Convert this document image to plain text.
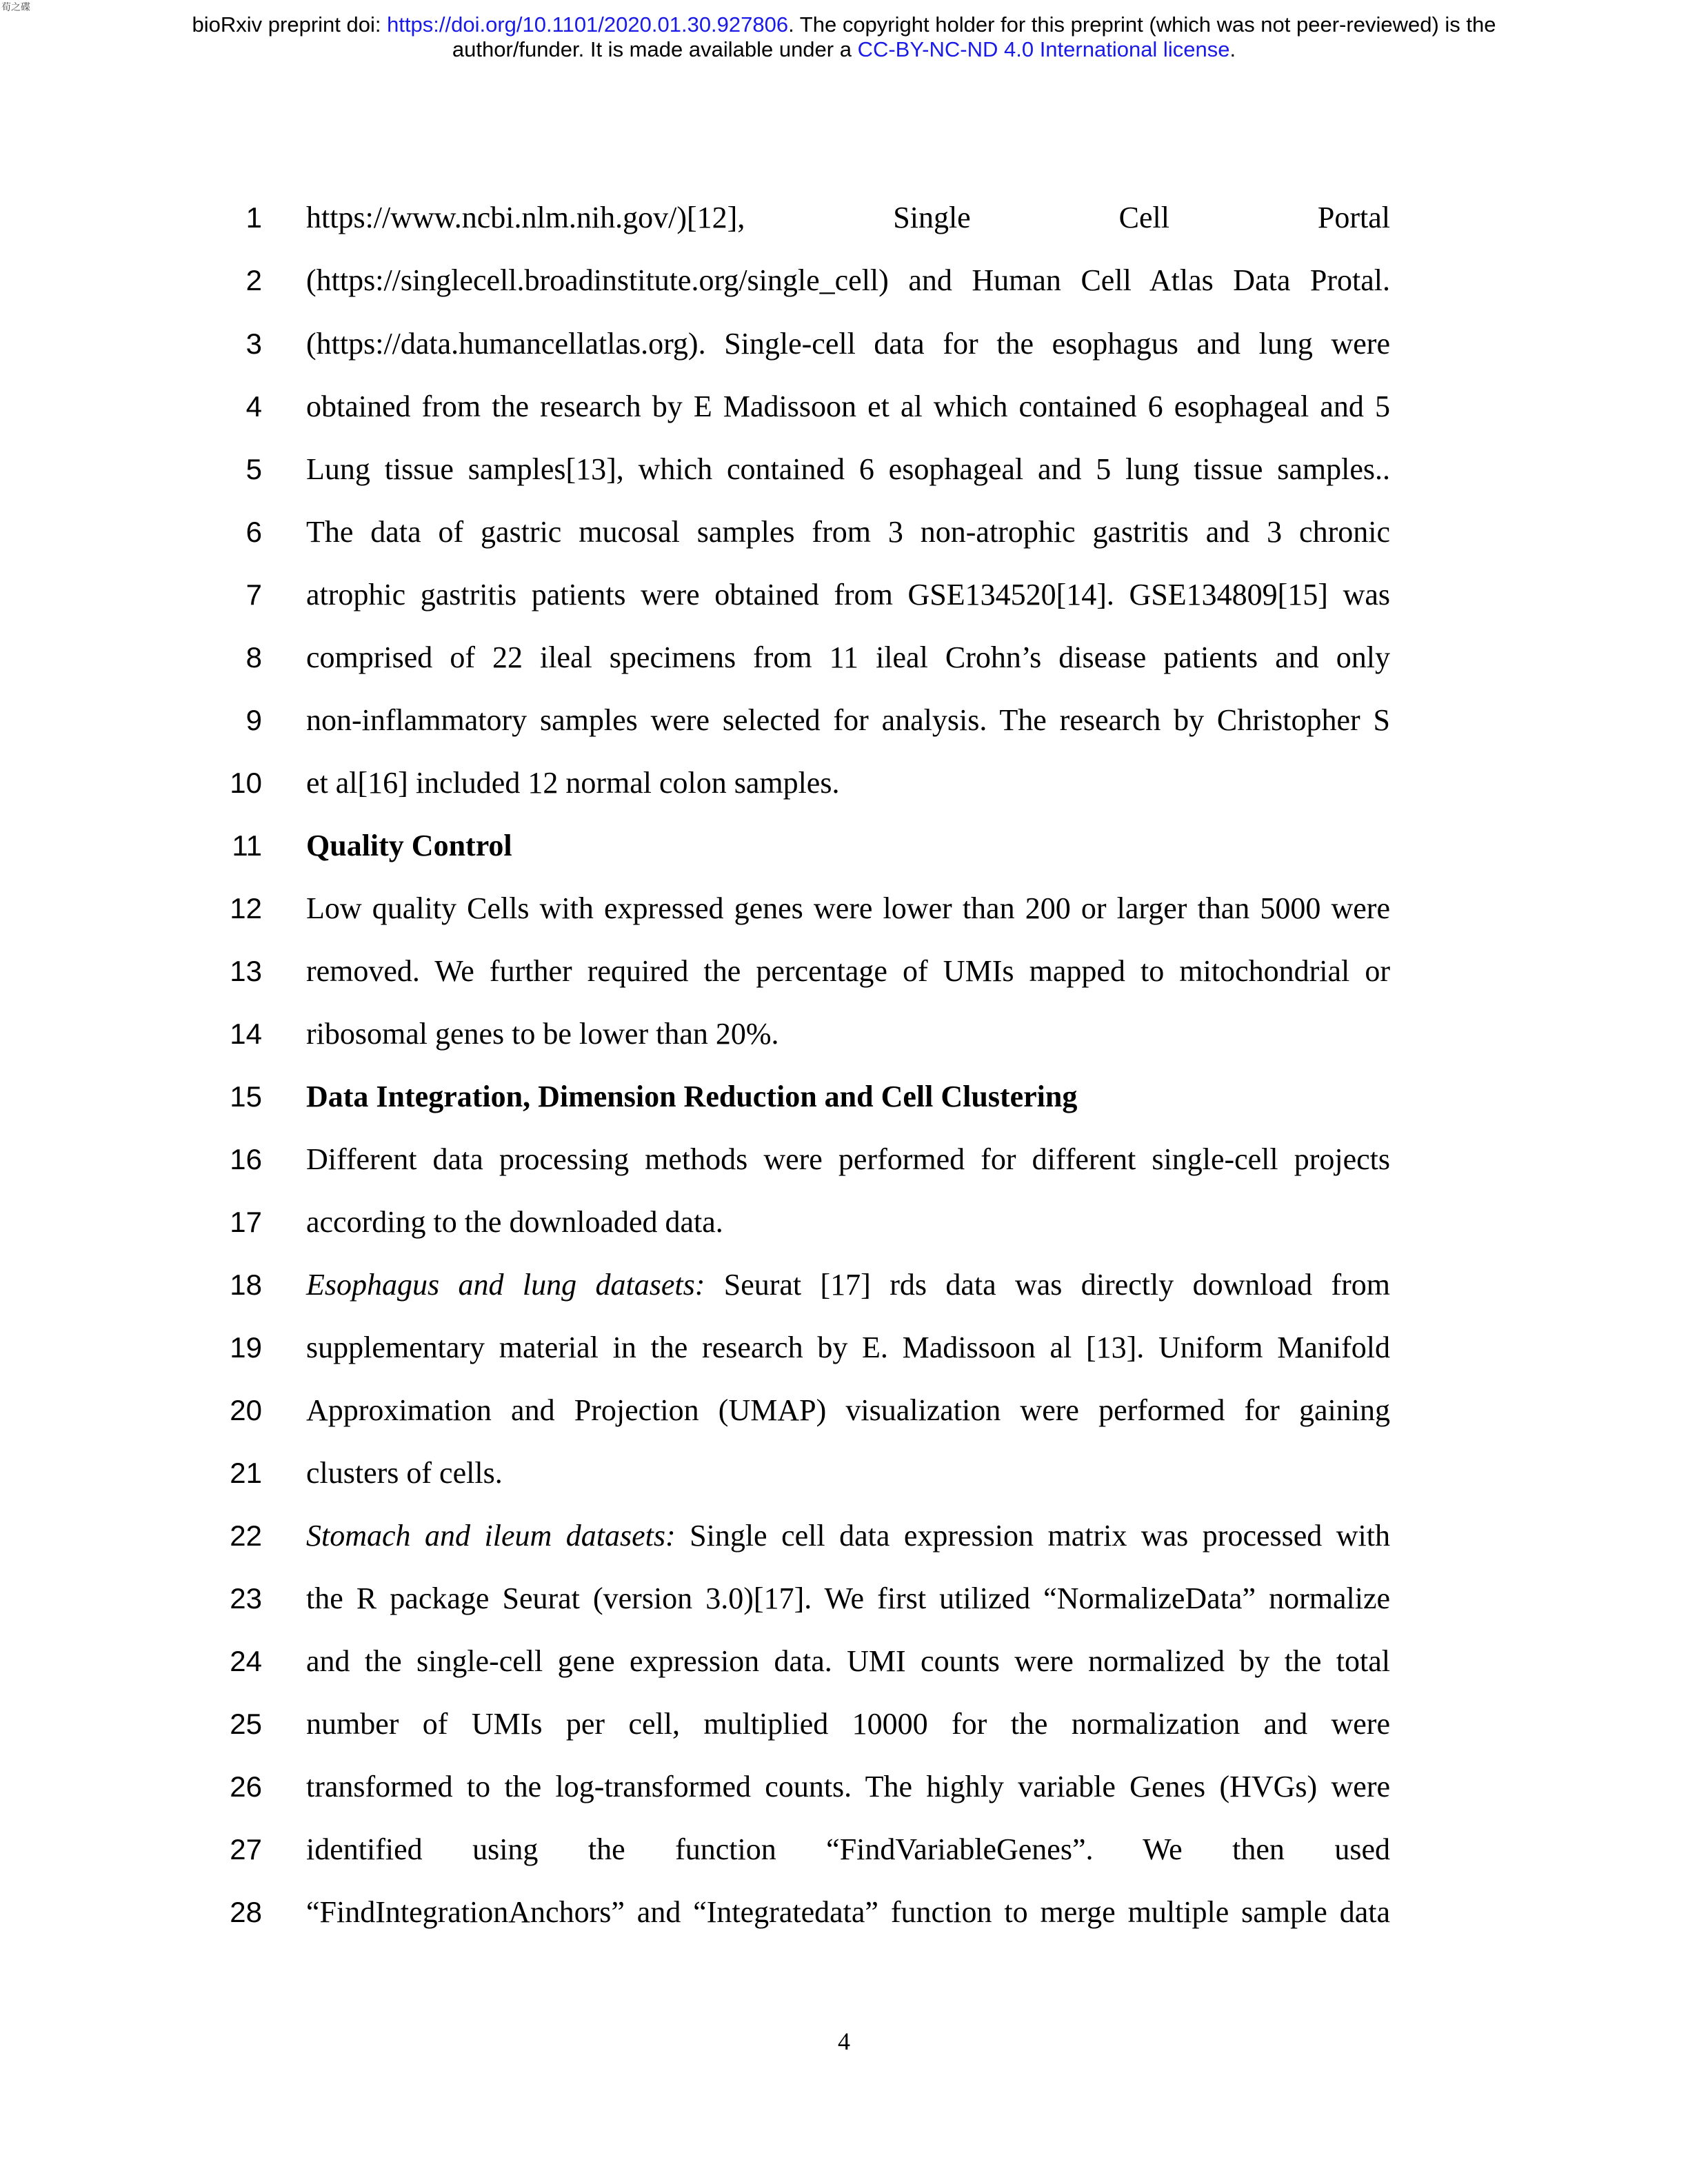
荀之碟
bioRxiv preprint doi: https://doi.org/10.1101/2020.01.30.927806. The copyright holder for this preprint (which was not peer-reviewed) is the
author/funder. It is made available under a CC-BY-NC-ND 4.0 International license.
1 https://www.ncbi.nlm.nih.gov/)[12], Single Cell Portal
2 (https://singlecell.broadinstitute.org/single_cell) and Human Cell Atlas Data Protal.
3 (https://data.humancellatlas.org). Single-cell data for the esophagus and lung were
4 obtained from the research by E Madissoon et al which contained 6 esophageal and 5
5 Lung tissue samples[13], which contained 6 esophageal and 5 lung tissue samples..
6 The data of gastric mucosal samples from 3 non-atrophic gastritis and 3 chronic
7 atrophic gastritis patients were obtained from GSE134520[14]. GSE134809[15] was
8 comprised of 22 ileal specimens from 11 ileal Crohn’s disease patients and only
9 non-inflammatory samples were selected for analysis. The research by Christopher S
10 et al[16] included 12 normal colon samples.
11 Quality Control
12 Low quality Cells with expressed genes were lower than 200 or larger than 5000 were
13 removed. We further required the percentage of UMIs mapped to mitochondrial or
14 ribosomal genes to be lower than 20%.
15 Data Integration, Dimension Reduction and Cell Clustering
16 Different data processing methods were performed for different single-cell projects
17 according to the downloaded data.
18 Esophagus and lung datasets: Seurat [17] rds data was directly download from
19 supplementary material in the research by E. Madissoon al [13]. Uniform Manifold
20 Approximation and Projection (UMAP) visualization were performed for gaining
21 clusters of cells.
22 Stomach and ileum datasets: Single cell data expression matrix was processed with
23 the R package Seurat (version 3.0)[17]. We first utilized “NormalizeData” normalize
24 and the single-cell gene expression data. UMI counts were normalized by the total
25 number of UMIs per cell, multiplied 10000 for the normalization and were
26 transformed to the log-transformed counts. The highly variable Genes (HVGs) were
27 identified using the function “FindVariableGenes”. We then used
28 “FindIntegrationAnchors” and “Integratedata” function to merge multiple sample data
4
